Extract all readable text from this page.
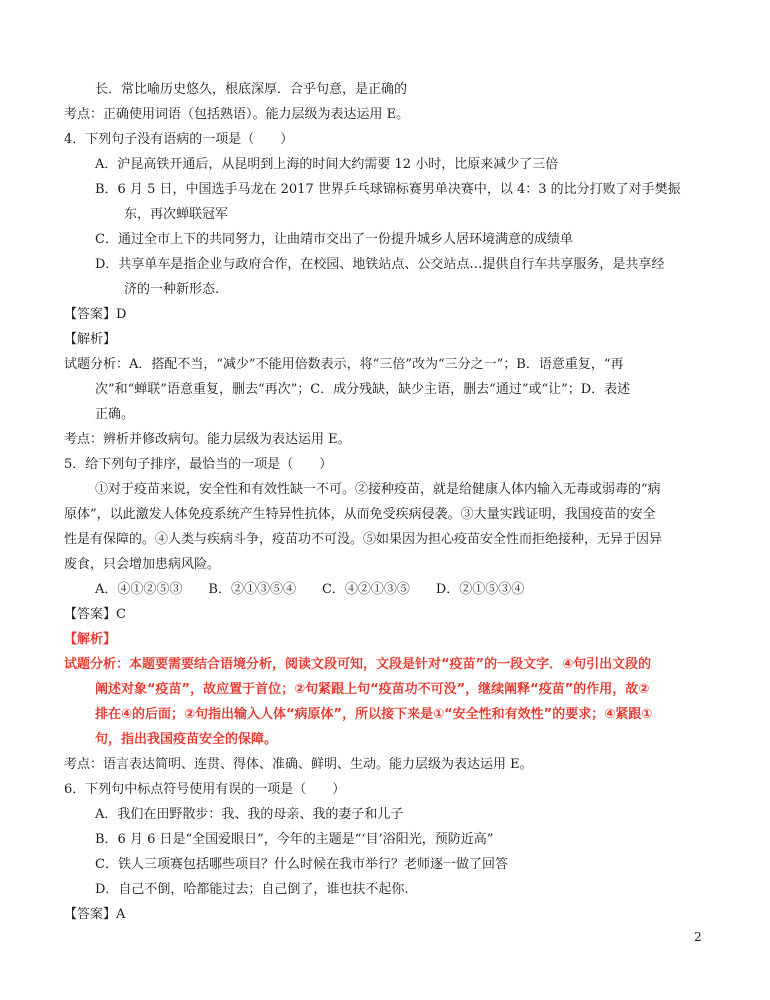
长．常比喻历史悠久，根底深厚．合乎句意，是正确的
考点：正确使用词语（包括熟语）。能力层级为表达运用 E。
4．下列句子没有语病的一项是（　　）
A．沪昆高铁开通后，从昆明到上海的时间大约需要 12 小时，比原来减少了三倍
B．6 月 5 日，中国选手马龙在 2017 世界乒乓球锦标赛男单决赛中，以 4：3 的比分打败了对手樊振
东，再次蝉联冠军
C．通过全市上下的共同努力，让曲靖市交出了一份提升城乡人居环境满意的成绩单
D．共享单车是指企业与政府合作，在校园、地铁站点、公交站点…提供自行车共享服务，是共享经
济的一种新形态.
【答案】D
【解析】
试题分析：A．搭配不当，“减少”不能用倍数表示，将“三倍”改为“三分之一”；B．语意重复，“再
次”和“蝉联”语意重复，删去“再次”；C．成分残缺，缺少主语，删去“通过”或“让”；D．表述
正确。
考点：辨析并修改病句。能力层级为表达运用 E。
5．给下列句子排序，最恰当的一项是（　　）
①对于疫苗来说，安全性和有效性缺一不可。②接种疫苗，就是给健康人体内输入无毒或弱毒的“病
原体”，以此激发人体免疫系统产生特异性抗体，从而免受疾病侵袭。③大量实践证明，我国疫苗的安全
性是有保障的。④人类与疾病斗争，疫苗功不可没。⑤如果因为担心疫苗安全性而拒绝接种，无异于因异
废食，只会增加患病风险。
A．④①②⑤③　　B．②①③⑤④　　C．④②①③⑤　　D．②①⑤③④
【答案】C
【解析】
试题分析：本题要需要结合语境分析，阅读文段可知，文段是针对“疫苗”的一段文字．④句引出文段的
阐述对象“疫苗”，故应置于首位；②句紧跟上句“疫苗功不可没”，继续阐释“疫苗”的作用，故②
排在④的后面；②句指出输入人体“病原体”，所以接下来是①“安全性和有效性”的要求；④紧跟①
句，指出我国疫苗安全的保障。
考点：语言表达简明、连贯、得体、准确、鲜明、生动。能力层级为表达运用 E。
6．下列句中标点符号使用有误的一项是（　　）
A．我们在田野散步：我、我的母亲、我的妻子和儿子
B．6 月 6 日是“全国爱眼日”，今年的主题是“‘目’浴阳光，预防近高”
C．铁人三项赛包括哪些项目？什么时候在我市举行？老师逐一做了回答
D．自己不倒，哈都能过去；自己倒了，谁也扶不起你.
【答案】A
2
